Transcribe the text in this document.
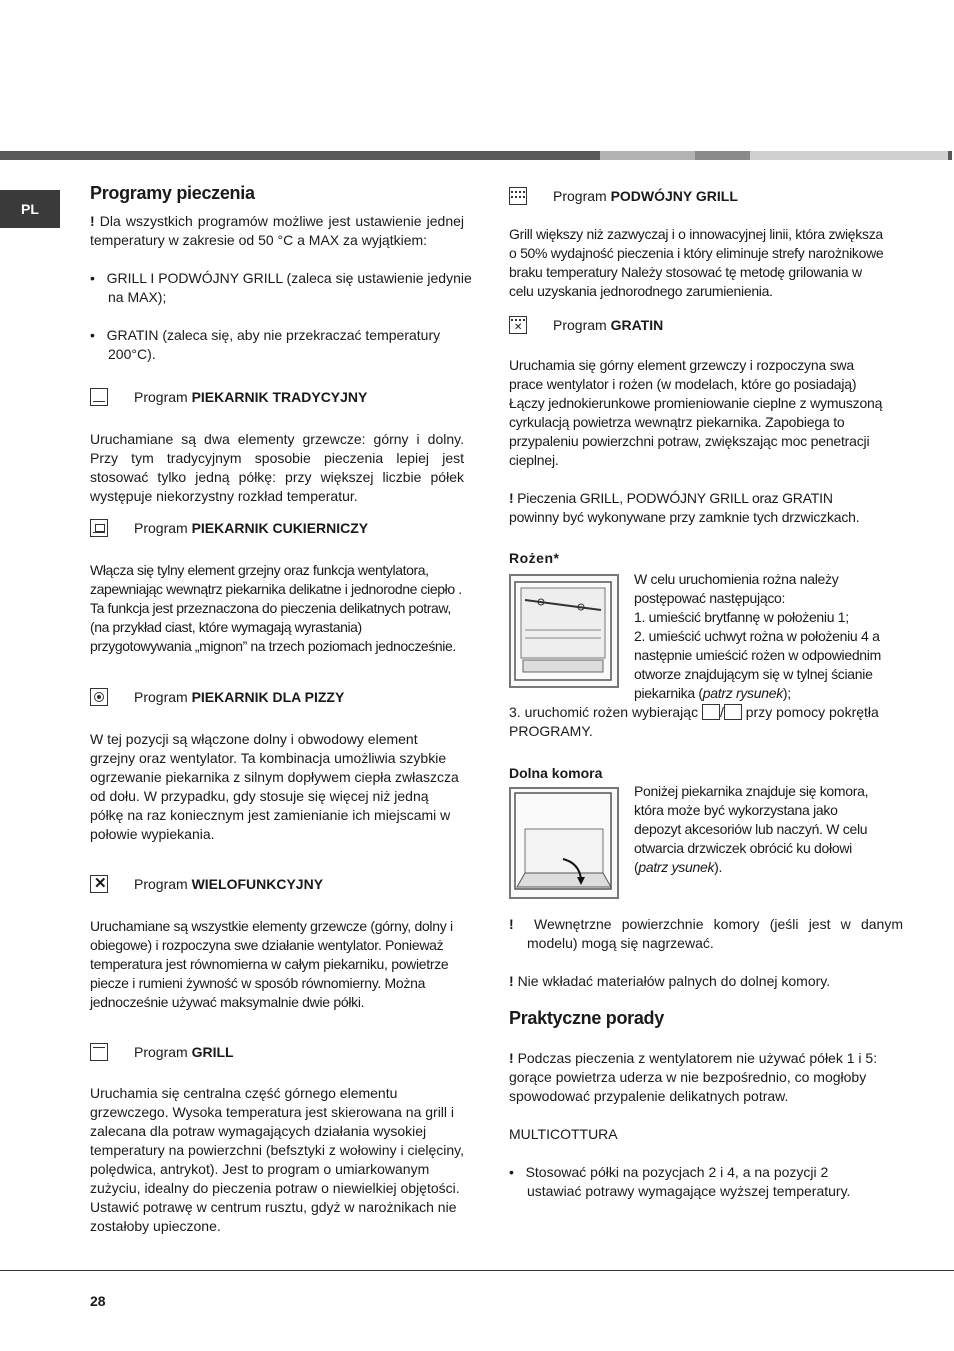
PL
Programy pieczenia

! Dla wszystkich programów możliwe jest ustawienie jednej temperatury w zakresie od 50 °C a MAX za wyjątkiem:

•   GRILL I PODWÓJNY GRILL (zaleca się ustawienie jedynie na MAX);

•   GRATIN (zaleca się, aby nie przekraczać temperatury 200°C).

Program PIEKARNIK TRADYCYJNY

Uruchamiane są dwa elementy grzewcze: górny i dolny. Przy tym tradycyjnym sposobie pieczenia lepiej jest stosować tylko jedną półkę: przy większej liczbie półek występuje niekorzystny rozkład temperatur.

Program PIEKARNIK CUKIERNICZY

Włącza się tylny element grzejny oraz funkcja wentylatora, zapewniając wewnątrz piekarnika delikatne i jednorodne ciepło . Ta funkcja jest przeznaczona do pieczenia delikatnych potraw, (na przykład ciast, które wymagają wyrastania) przygotowywania „mignon” na trzech poziomach jednocześnie.

Program PIEKARNIK DLA PIZZY

W tej pozycji są włączone dolny i obwodowy element grzejny oraz wentylator. Ta kombinacja umożliwia szybkie ogrzewanie piekarnika z silnym dopływem ciepła zwłaszcza od dołu. W przypadku, gdy stosuje się więcej niż jedną półkę na raz koniecznym jest zamienianie ich miejscami w połowie wypiekania.

✕ Program WIELOFUNKCYJNY

Uruchamiane są wszystkie elementy grzewcze (górny, dolny i obiegowe) i rozpoczyna swe działanie wentylator. Ponieważ temperatura jest równomierna w całym piekarniku, powietrze piecze i rumieni żywność w sposób równomierny. Można jednocześnie używać maksymalnie dwie półki.

Program GRILL

Uruchamia się centralna część górnego elementu grzewczego. Wysoka temperatura jest skierowana na grill i zalecana dla potraw wymagających działania wysokiej temperatury na powierzchni (befsztyki z wołowiny i cielęciny, polędwica, antrykot). Jest to program o umiarkowanym zużyciu, idealny do pieczenia potraw o niewielkiej objętości. Ustawić potrawę w centrum rusztu, gdyż w narożnikach nie zostałoby upieczone.

Program PODWÓJNY GRILL

Grill większy niż zazwyczaj i o innowacyjnej linii, która zwiększa o 50% wydajność pieczenia i który eliminuje strefy narożnikowe braku temperatury Należy stosować tę metodę grilowania w celu uzyskania jednorodnego zarumienienia.

✕ Program GRATIN

Uruchamia się górny element grzewczy i rozpoczyna swa prace wentylator i rożen (w modelach, które go posiadają) Łączy jednokierunkowe promieniowanie cieplne z wymuszoną cyrkulacją powietrza wewnątrz piekarnika. Zapobiega to przypaleniu powierzchni potraw, zwiększając moc penetracji cieplnej.

! Pieczenia GRILL, PODWÓJNY GRILL oraz GRATIN powinny być wykonywane przy zamknie tych drzwiczkach.

Rożen*

W celu uruchomienia rożna należy postępować następująco:

1. umieścić brytfannę w położeniu 1;

2. umieścić uchwyt rożna w położeniu 4 a następnie umieścić rożen w odpowiednim otworze znajdującym się w tylnej ścianie piekarnika (patrz rysunek);

3. uruchomić rożen wybierając / przy pomocy pokrętła PROGRAMY.

Dolna komora

Poniżej piekarnika znajduje się komora, która może być wykorzystana jako depozyt akcesoriów lub naczyń. W celu otwarcia drzwiczek obrócić ku dołowi (patrz ysunek).

!  Wewnętrzne powierzchnie komory (jeśli jest w danym modelu) mogą się nagrzewać.

! Nie wkładać materiałów palnych do dolnej komory.

Praktyczne porady

! Podczas pieczenia z wentylatorem nie używać półek 1 i 5: gorące powietrza uderza w nie bezpośrednio, co mogłoby spowodować przypalenie delikatnych potraw.

MULTICOTTURA

•   Stosować półki na pozycjach 2 i 4, a na pozycji 2 ustawiać potrawy wymagające wyższej temperatury.

28
